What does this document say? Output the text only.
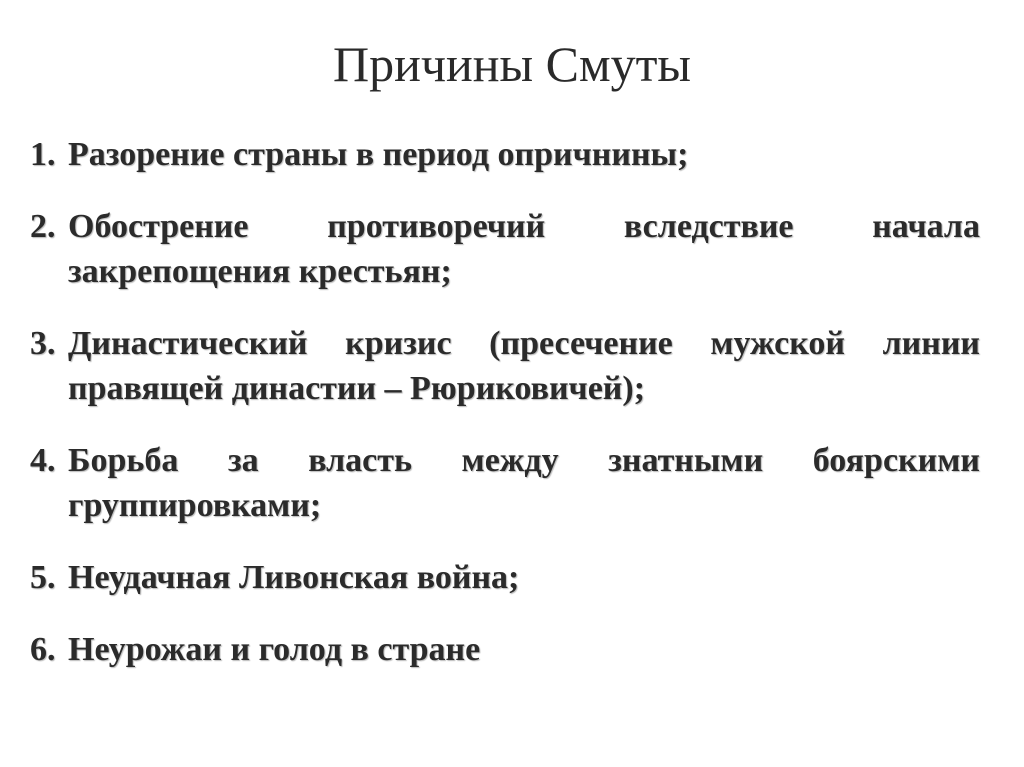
Причины Смуты
1. Разорение страны в период опричнины;
2. Обострение противоречий вследствие начала закрепощения крестьян;
3. Династический кризис (пресечение мужской линии правящей династии – Рюриковичей);
4. Борьба за власть между знатными боярскими группировками;
5. Неудачная Ливонская война;
6. Неурожаи и голод в стране
